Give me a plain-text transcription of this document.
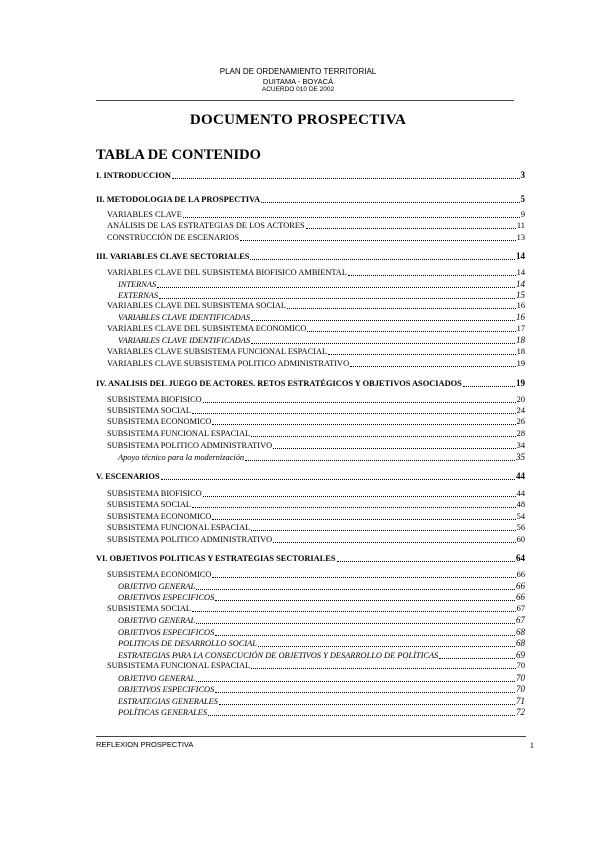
PLAN DE ORDENAMIENTO TERRITORIAL
DUITAMA - BOYACÁ
ACUERDO 010 DE 2002
DOCUMENTO PROSPECTIVA
TABLA DE CONTENIDO
I. INTRODUCCION	3
II. METODOLOGIA DE LA PROSPECTIVA	5
VARIABLES CLAVE	9
ANÁLISIS DE LAS ESTRATEGIAS DE LOS ACTORES	11
CONSTRUCCIÓN DE ESCENARIOS	13
III. VARIABLES CLAVE SECTORIALES	14
VARIABLES CLAVE DEL SUBSISTEMA BIOFISICO AMBIENTAL	14
INTERNAS	14
EXTERNAS	15
VARIABLES CLAVE DEL SUBSISTEMA SOCIAL	16
VARIABLES CLAVE IDENTIFICADAS	16
VARIABLES CLAVE DEL SUBSISTEMA ECONOMICO	17
VARIABLES CLAVE IDENTIFICADAS	18
VARIABLES CLAVE SUBSISTEMA FUNCIONAL ESPACIAL	18
VARIABLES CLAVE SUBSISTEMA POLITICO ADMINISTRATIVO	19
IV. ANALISIS DEL JUEGO DE ACTORES. RETOS ESTRATÉGICOS Y OBJETIVOS ASOCIADOS	19
SUBSISTEMA BIOFISICO	20
SUBSISTEMA SOCIAL	24
SUBSISTEMA ECONOMICO	26
SUBSISTEMA FUNCIONAL ESPACIAL	28
SUBSISTEMA POLITICO ADMINISTRATIVO	34
Apoyo técnico para la modernización	35
V. ESCENARIOS	44
SUBSISTEMA BIOFISICO	44
SUBSISTEMA SOCIAL	48
SUBSISTEMA ECONOMICO	54
SUBSISTEMA FUNCIONAL ESPACIAL	56
SUBSISTEMA POLITICO ADMINISTRATIVO	60
VI. OBJETIVOS POLITICAS Y ESTRATEGIAS SECTORIALES	64
SUBSISTEMA ECONOMICO	66
OBJETIVO GENERAL	66
OBJETIVOS ESPECIFICOS	66
SUBSISTEMA SOCIAL	67
OBJETIVO GENERAL	67
OBJETIVOS ESPECIFICOS	68
POLITICAS DE DESARROLLO SOCIAL	68
ESTRATEGIAS PARA LA CONSECUCIÓN DE OBJETIVOS Y DESARROLLO DE POLÍTICAS	69
SUBSISTEMA FUNCIONAL ESPACIAL	70
OBJETIVO GENERAL	70
OBJETIVOS ESPECIFICOS	70
ESTRATEGIAS GENERALES	71
POLÍTICAS GENERALES	72
REFLEXION PROSPECTIVA	1
